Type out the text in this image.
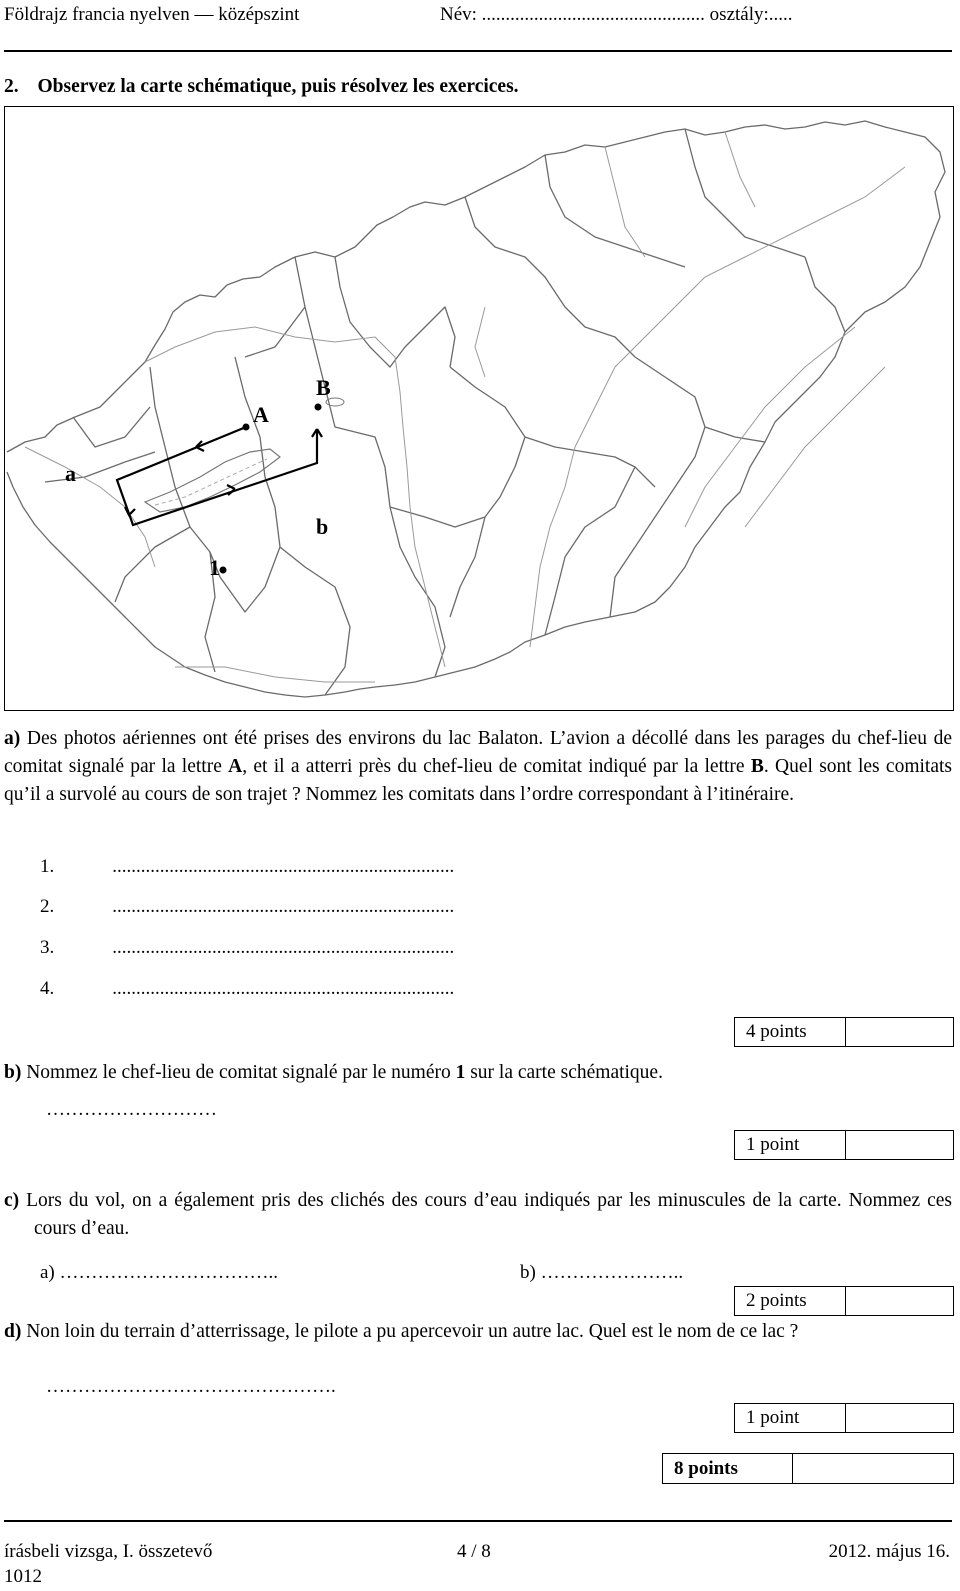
Földrajz francia nyelven — középszint	Név: ............................................... osztály:.....
2. Observez la carte schématique, puis résolvez les exercices.
A
B
a
b
1
a) Des photos aériennes ont été prises des environs du lac Balaton. L’avion a décollé dans les parages du chef-lieu de comitat signalé par la lettre A, et il a atterri près du chef-lieu de comitat indiqué par la lettre B. Quel sont les comitats qu’il a survolé au cours de son trajet ? Nommez les comitats dans l’ordre correspondant à l’itinéraire.
1.	........................................................................
2.	........................................................................
3.	........................................................................
4.	........................................................................
4 points
b) Nommez le chef-lieu de comitat signalé par le numéro 1 sur la carte schématique.
………………………
1 point
c) Lors du vol, on a également pris des clichés des cours d’eau indiqués par les minuscules de la carte. Nommez ces cours d’eau.
a) ……………………………..	b) …………………..
2 points
d) Non loin du terrain d’atterrissage, le pilote a pu apercevoir un autre lac. Quel est le nom de ce lac ?
……………………………………….
1 point
8 points
írásbeli vizsga, I. összetevő	4 / 8	2012. május 16.
1012
